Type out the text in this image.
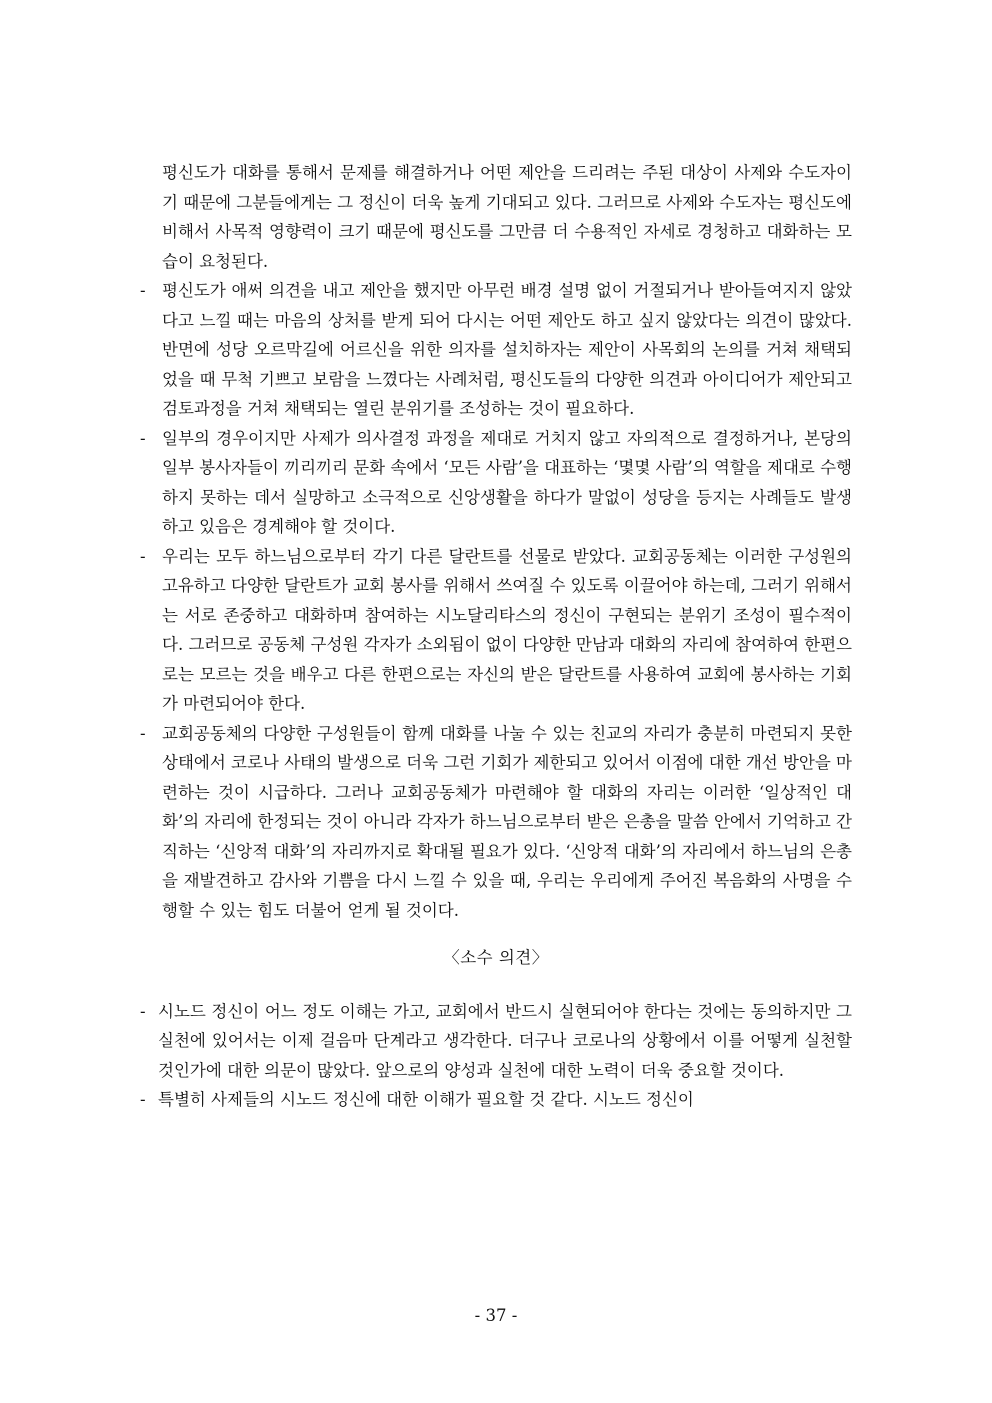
평신도가 대화를 통해서 문제를 해결하거나 어떤 제안을 드리려는 주된 대상이 사제와 수도자이기 때문에 그분들에게는 그 정신이 더욱 높게 기대되고 있다. 그러므로 사제와 수도자는 평신도에 비해서 사목적 영향력이 크기 때문에 평신도를 그만큼 더 수용적인 자세로 경청하고 대화하는 모습이 요청된다.

- 평신도가 애써 의견을 내고 제안을 했지만 아무런 배경 설명 없이 거절되거나 받아들여지지 않았다고 느낄 때는 마음의 상처를 받게 되어 다시는 어떤 제안도 하고 싶지 않았다는 의견이 많았다. 반면에 성당 오르막길에 어르신을 위한 의자를 설치하자는 제안이 사목회의 논의를 거쳐 채택되었을 때 무척 기쁘고 보람을 느꼈다는 사례처럼, 평신도들의 다양한 의견과 아이디어가 제안되고 검토과정을 거쳐 채택되는 열린 분위기를 조성하는 것이 필요하다.
- 일부의 경우이지만 사제가 의사결정 과정을 제대로 거치지 않고 자의적으로 결정하거나, 본당의 일부 봉사자들이 끼리끼리 문화 속에서 ‘모든 사람’을 대표하는 ‘몇몇 사람’의 역할을 제대로 수행하지 못하는 데서 실망하고 소극적으로 신앙생활을 하다가 말없이 성당을 등지는 사례들도 발생하고 있음은 경계해야 할 것이다.
- 우리는 모두 하느님으로부터 각기 다른 달란트를 선물로 받았다. 교회공동체는 이러한 구성원의 고유하고 다양한 달란트가 교회 봉사를 위해서 쓰여질 수 있도록 이끌어야 하는데, 그러기 위해서는 서로 존중하고 대화하며 참여하는 시노달리타스의 정신이 구현되는 분위기 조성이 필수적이다. 그러므로 공동체 구성원 각자가 소외됨이 없이 다양한 만남과 대화의 자리에 참여하여 한편으로는 모르는 것을 배우고 다른 한편으로는 자신의 받은 달란트를 사용하여 교회에 봉사하는 기회가 마련되어야 한다.
- 교회공동체의 다양한 구성원들이 함께 대화를 나눌 수 있는 친교의 자리가 충분히 마련되지 못한 상태에서 코로나 사태의 발생으로 더욱 그런 기회가 제한되고 있어서 이점에 대한 개선 방안을 마련하는 것이 시급하다. 그러나 교회공동체가 마련해야 할 대화의 자리는 이러한 ‘일상적인 대화’의 자리에 한정되는 것이 아니라 각자가 하느님으로부터 받은 은총을 말씀 안에서 기억하고 간직하는 ‘신앙적 대화’의 자리까지로 확대될 필요가 있다. ‘신앙적 대화’의 자리에서 하느님의 은총을 재발견하고 감사와 기쁨을 다시 느낄 수 있을 때, 우리는 우리에게 주어진 복음화의 사명을 수행할 수 있는 힘도 더불어 얻게 될 것이다.
〈소수 의견〉
- 시노드 정신이 어느 정도 이해는 가고, 교회에서 반드시 실현되어야 한다는 것에는 동의하지만 그 실천에 있어서는 이제 걸음마 단계라고 생각한다. 더구나 코로나의 상황에서 이를 어떻게 실천할 것인가에 대한 의문이 많았다. 앞으로의 양성과 실천에 대한 노력이 더욱 중요할 것이다.
- 특별히 사제들의 시노드 정신에 대한 이해가 필요할 것 같다. 시노드 정신이
- 37 -
